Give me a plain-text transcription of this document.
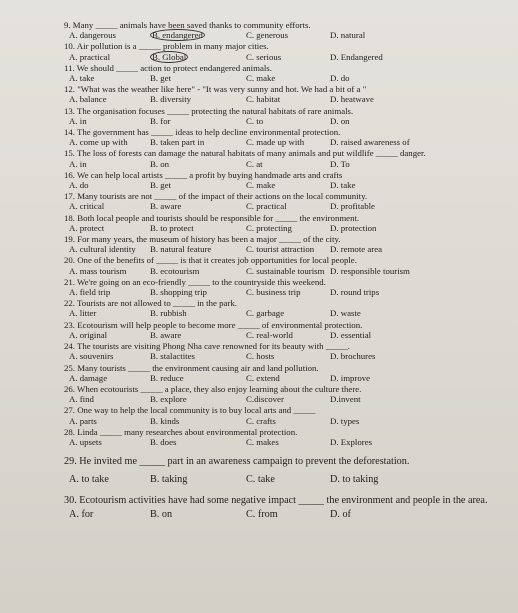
9. Many _____ animals have been saved thanks to community efforts.
A. dangerous	B. endangered	C. generous	D. natural
10. Air pollution is a _____ problem in many major cities.
A. practical	B. Global	C. serious	D. Endangered
11. We should _____ action to protect endangered animals.
A. take	B. get	C. make	D. do
12. "What was the weather like here" - "It was very sunny and hot. We had a bit of a "
A. balance	B. diversity	C. habitat	D. heatwave
13. The organisation focuses _____ protecting the natural habitats of rare animals.
A. in	B. for	C. to	D. on
14. The government has _____ ideas to help decline environmental protection.
A. come up with	B. taken part in	C. made up with	D. raised awareness of
15. The loss of forests can damage the natural habitats of many animals and put wildlife _____ danger.
A. in	B. on	C. at	D. To
16. We can help local artists _____ a profit by buying handmade arts and crafts
A. do	B. get	C. make	D. take
17. Many tourists are not _____ of the impact of their actions on the local community.
A. critical	B. aware	C. practical	D. profitable
18. Both local people and tourists should be responsible for _____ the environment.
A. protect	B. to protect	C. protecting	D. protection
19. For many years, the museum of history has been a major _____ of the city.
A. cultural identity	B. natural feature	C. tourist attraction	D. remote area
20. One of the benefits of _____ is that it creates job opportunities for local people.
A. mass tourism	B. ecotourism	C. sustainable tourism D. responsible tourism
21. We're going on an eco-friendly _____ to the countryside this weekend.
A. field trip	B. shopping trip	C. business trip	D. round trips
22. Tourists are not allowed to _____ in the park.
A. litter	B. rubbish	C. garbage	D. waste
23. Ecotourism will help people to become more _____ of environmental protection.
A. original	B. aware	C. real-world	D. essential
24. The tourists are visiting Phong Nha cave renowned for its beauty with _____.
A. souvenirs	B. stalactites	C. hosts	D. brochures
25. Many tourists _____ the environment causing air and land pollution.
A. damage	B. reduce	C. extend	D. improve
26. When ecotourists _____ a place, they also enjoy learning about the culture there.
A. find	B. explore	C.discover	D.invent
27. One way to help the local community is to buy local arts and _____
A. parts	B. kinds	C. crafts	D. types
28. Linda _____ many researches about environmental protection.
A. upsets	B. does	C. makes	D. Explores
29. He invited me _____ part in an awareness campaign to prevent the deforestation.
A. to take	B. taking	C. take	D. to taking
30. Ecotourism activities have had some negative impact _____ the environment and people in the area.
A. for	B. on	C. from	D. of
